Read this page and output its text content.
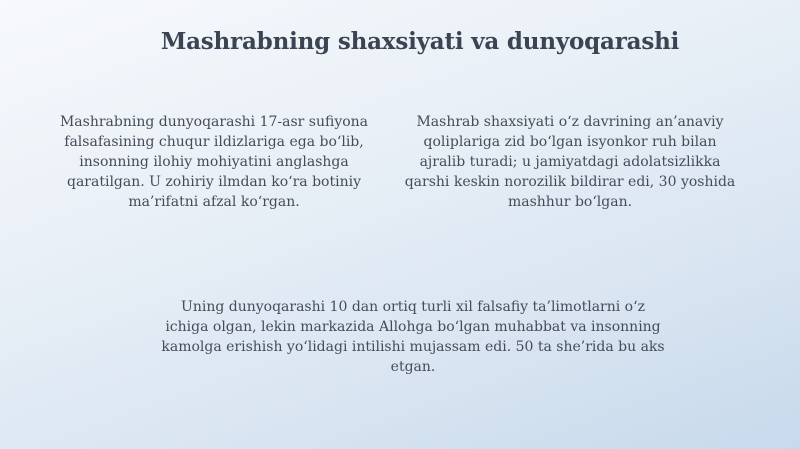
Mashrabning shaxsiyati va dunyoqarashi

Mashrabning dunyoqarashi 17-asr sufiyona falsafasining chuqur ildizlariga ega bo‘lib, insonning ilohiy mohiyatini anglashga qaratilgan. U zohiriy ilmdan ko‘ra botiniy ma’rifatni afzal ko‘rgan.

Mashrab shaxsiyati o‘z davrining an’anaviy qoliplariga zid bo‘lgan isyonkor ruh bilan ajralib turadi; u jamiyatdagi adolatsizlikka qarshi keskin norozilik bildirar edi, 30 yoshida mashhur bo‘lgan.

Uning dunyoqarashi 10 dan ortiq turli xil falsafiy ta’limotlarni o‘z ichiga olgan, lekin markazida Allohga bo‘lgan muhabbat va insonning kamolga erishish yo‘lidagi intilishi mujassam edi. 50 ta she’rida bu aks etgan.
